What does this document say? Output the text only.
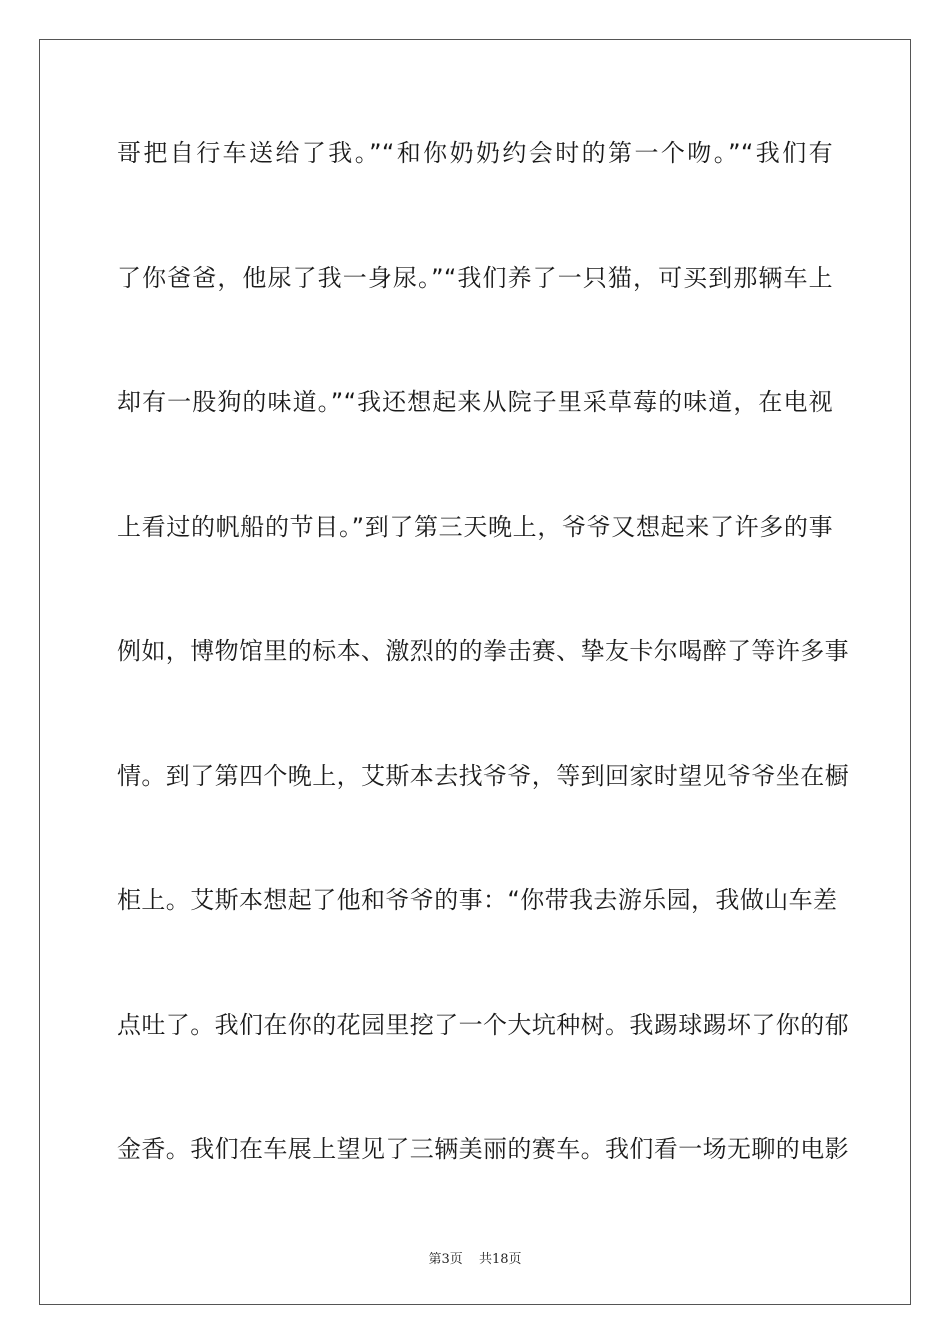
哥把自行车送给了我。”“和你奶奶约会时的第一个吻。”“我们有
了你爸爸，他尿了我一身尿。”“我们养了一只猫，可买到那辆车上
却有一股狗的味道。”“我还想起来从院子里采草莓的味道，在电视
上看过的帆船的节目。”到了第三天晚上，爷爷又想起来了许多的事
例如，博物馆里的标本、激烈的的拳击赛、挚友卡尔喝醉了等许多事
情。到了第四个晚上，艾斯本去找爷爷，等到回家时望见爷爷坐在橱
柜上。艾斯本想起了他和爷爷的事：“你带我去游乐园，我做山车差
点吐了。我们在你的花园里挖了一个大坑种树。我踢球踢坏了你的郁
金香。我们在车展上望见了三辆美丽的赛车。我们看一场无聊的电影
第3页 共18页
